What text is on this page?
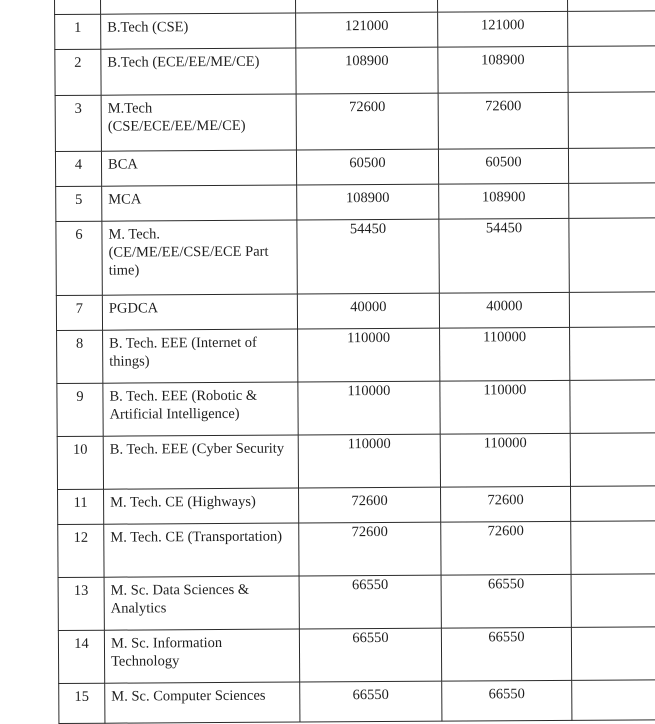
1	B.Tech (CSE)	121000	121000	
2	B.Tech (ECE/EE/ME/CE)	108900	108900	
3	M.Tech (CSE/ECE/EE/ME/CE)	72600	72600	
4	BCA	60500	60500	
5	MCA	108900	108900	
6	M. Tech. (CE/ME/EE/CSE/ECE Part time)	54450	54450	
7	PGDCA	40000	40000	
8	B. Tech. EEE (Internet of things)	110000	110000	
9	B. Tech. EEE (Robotic & Artificial Intelligence)	110000	110000	
10	B. Tech. EEE (Cyber Security	110000	110000	
11	M. Tech. CE (Highways)	72600	72600	
12	M. Tech. CE (Transportation)	72600	72600	
13	M. Sc. Data Sciences & Analytics	66550	66550	
14	M. Sc. Information Technology	66550	66550	
15	M. Sc. Computer Sciences	66550	66550	
